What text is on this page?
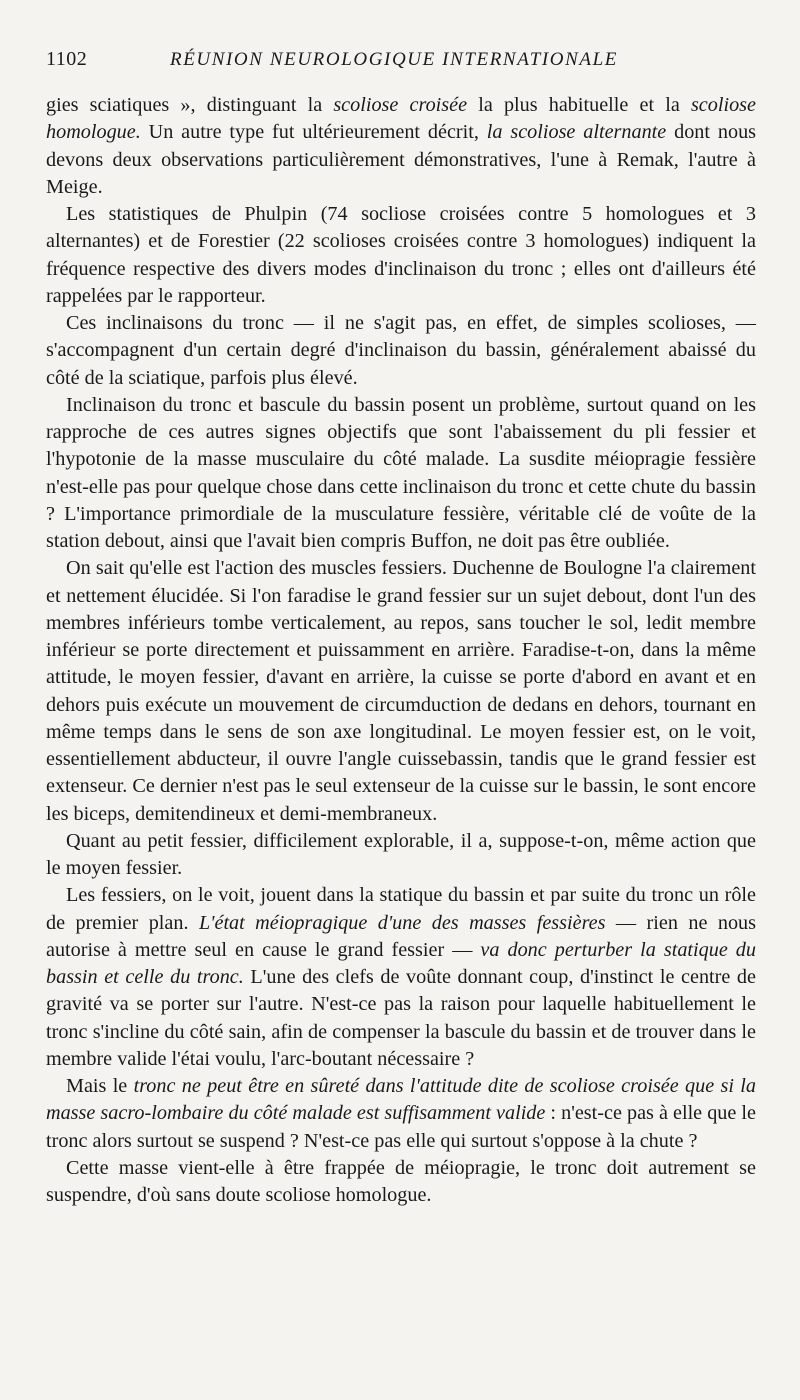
1102	RÉUNION NEUROLOGIQUE INTERNATIONALE

gies sciatiques », distinguant la scoliose croisée la plus habituelle et la scoliose homologue. Un autre type fut ultérieurement décrit, la scoliose alternante dont nous devons deux observations particulièrement démonstratives, l'une à Remak, l'autre à Meige.

Les statistiques de Phulpin (74 socliose croisées contre 5 homologues et 3 alternantes) et de Forestier (22 scolioses croisées contre 3 homologues) indiquent la fréquence respective des divers modes d'inclinaison du tronc ; elles ont d'ailleurs été rappelées par le rapporteur.

Ces inclinaisons du tronc — il ne s'agit pas, en effet, de simples scolioses, — s'accompagnent d'un certain degré d'inclinaison du bassin, généralement abaissé du côté de la sciatique, parfois plus élevé.

Inclinaison du tronc et bascule du bassin posent un problème, surtout quand on les rapproche de ces autres signes objectifs que sont l'abaissement du pli fessier et l'hypotonie de la masse musculaire du côté malade. La susdite méiopragie fessière n'est-elle pas pour quelque chose dans cette inclinaison du tronc et cette chute du bassin ? L'importance primordiale de la musculature fessière, véritable clé de voûte de la station debout, ainsi que l'avait bien compris Buffon, ne doit pas être oubliée.

On sait qu'elle est l'action des muscles fessiers. Duchenne de Boulogne l'a clairement et nettement élucidée. Si l'on faradise le grand fessier sur un sujet debout, dont l'un des membres inférieurs tombe verticalement, au repos, sans toucher le sol, ledit membre inférieur se porte directement et puissamment en arrière. Faradise-t-on, dans la même attitude, le moyen fessier, d'avant en arrière, la cuisse se porte d'abord en avant et en dehors puis exécute un mouvement de circumduction de dedans en dehors, tournant en même temps dans le sens de son axe longitudinal. Le moyen fessier est, on le voit, essentiellement abducteur, il ouvre l'angle cuissebassin, tandis que le grand fessier est extenseur. Ce dernier n'est pas le seul extenseur de la cuisse sur le bassin, le sont encore les biceps, demitendineux et demi-membraneux.

Quant au petit fessier, difficilement explorable, il a, suppose-t-on, même action que le moyen fessier.

Les fessiers, on le voit, jouent dans la statique du bassin et par suite du tronc un rôle de premier plan. L'état méiopragique d'une des masses fessières — rien ne nous autorise à mettre seul en cause le grand fessier — va donc perturber la statique du bassin et celle du tronc. L'une des clefs de voûte donnant coup, d'instinct le centre de gravité va se porter sur l'autre. N'est-ce pas la raison pour laquelle habituellement le tronc s'incline du côté sain, afin de compenser la bascule du bassin et de trouver dans le membre valide l'étai voulu, l'arc-boutant nécessaire ?

Mais le tronc ne peut être en sûreté dans l'attitude dite de scoliose croisée que si la masse sacro-lombaire du côté malade est suffisamment valide : n'est-ce pas à elle que le tronc alors surtout se suspend ? N'est-ce pas elle qui surtout s'oppose à la chute ?

Cette masse vient-elle à être frappée de méiopragie, le tronc doit autrement se suspendre, d'où sans doute scoliose homologue.
